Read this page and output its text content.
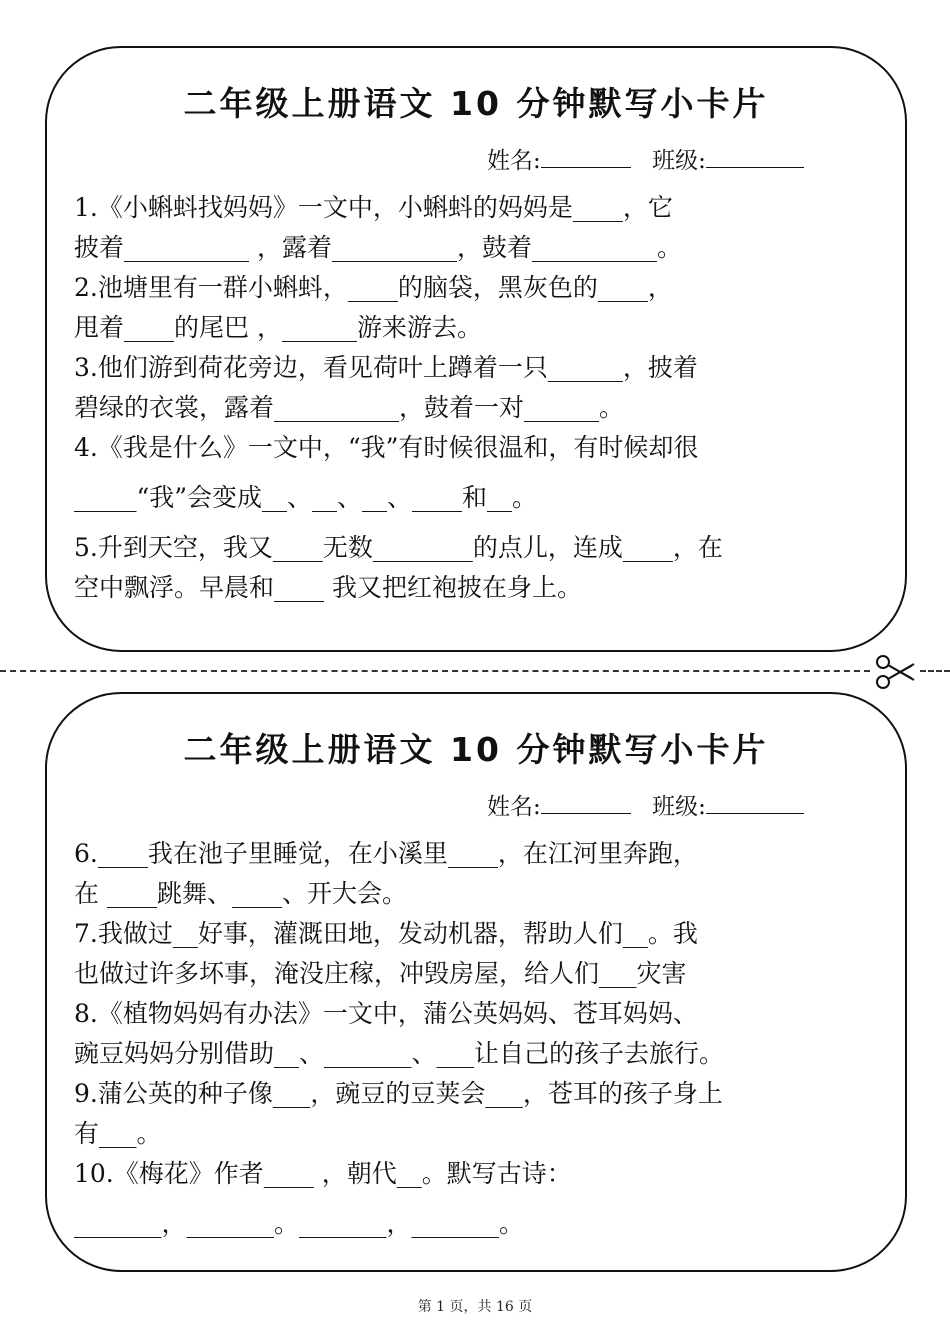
二年级上册语文 10 分钟默写小卡片
姓名:	班级:

1.《小蝌蚪找妈妈》一文中，小蝌蚪的妈妈是____，它

披着__________ ，露着__________，鼓着__________。

2.池塘里有一群小蝌蚪，____的脑袋，黑灰色的____，

甩着____的尾巴 ，______游来游去。

3.他们游到荷花旁边，看见荷叶上蹲着一只______，披着

碧绿的衣裳，露着__________，鼓着一对______。

4.《我是什么》一文中，“我”有时候很温和，有时候却很

_____“我”会变成__、__、__、____和__。

5.升到天空，我又____无数________的点儿，连成____，在

空中飘浮。早晨和____ 我又把红袍披在身上。

二年级上册语文 10 分钟默写小卡片
姓名:	班级:

6.____我在池子里睡觉，在小溪里____，在江河里奔跑，

在 ____跳舞、____、开大会。

7.我做过__好事，灌溉田地，发动机器，帮助人们__。我

也做过许多坏事，淹没庄稼，冲毁房屋，给人们___灾害

8.《植物妈妈有办法》一文中，蒲公英妈妈、苍耳妈妈、

豌豆妈妈分别借助__、_______、___让自己的孩子去旅行。

9.蒲公英的种子像___，豌豆的豆荚会___，苍耳的孩子身上

有___。

10.《梅花》作者____ ，朝代__。默写古诗：

_______，_______。_______，_______。

第 1 页，共 16 页
